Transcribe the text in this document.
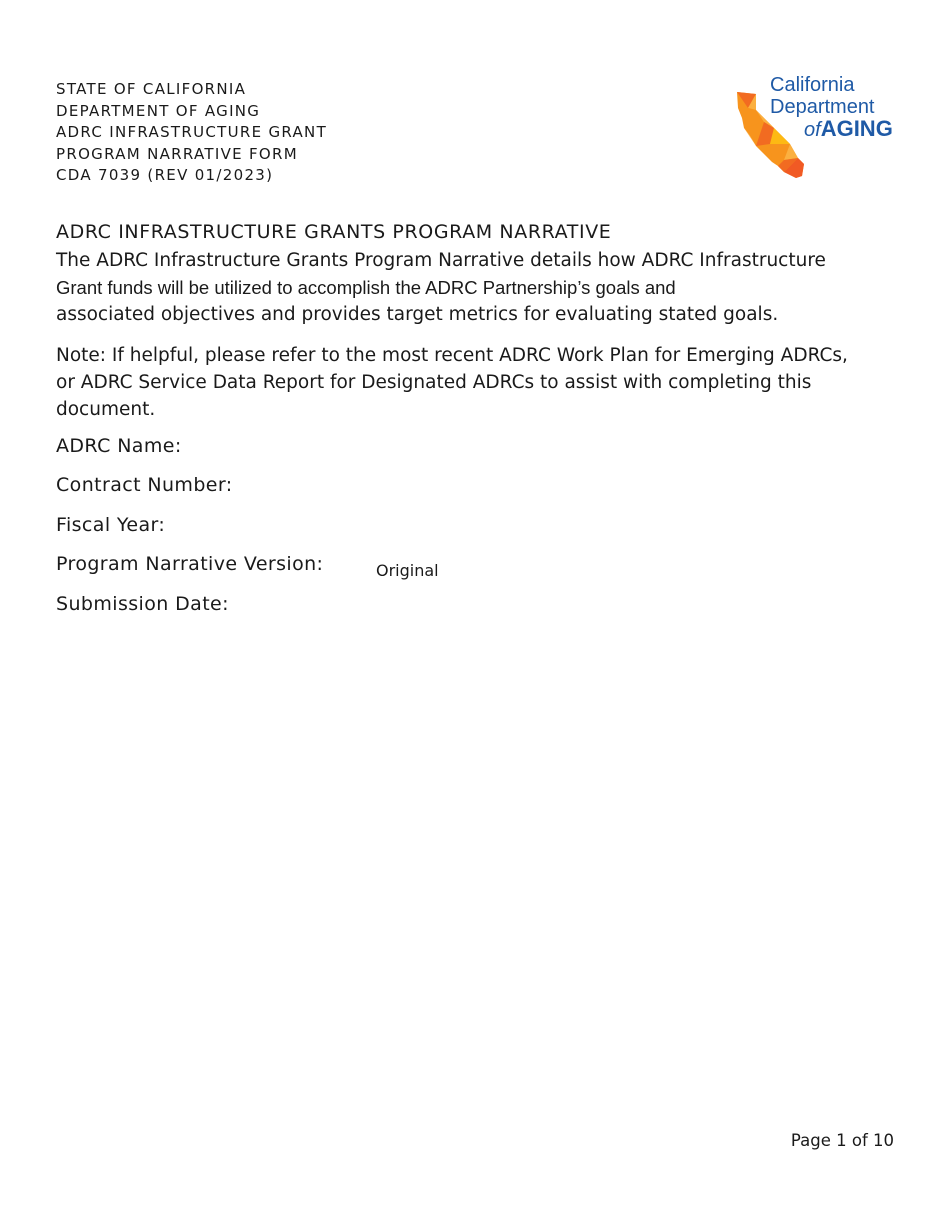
STATE OF CALIFORNIA
DEPARTMENT OF AGING
ADRC INFRASTRUCTURE GRANT
PROGRAM NARRATIVE FORM
CDA 7039 (REV 01/2023)
California
Department
ofAGING
ADRC INFRASTRUCTURE GRANTS PROGRAM NARRATIVE
The ADRC Infrastructure Grants Program Narrative details how ADRC Infrastructure
Grant funds will be utilized to accomplish the ADRC Partnership’s goals and
associated objectives and provides target metrics for evaluating stated goals.
Note: If helpful, please refer to the most recent ADRC Work Plan for Emerging ADRCs,
or ADRC Service Data Report for Designated ADRCs to assist with completing this
document.
ADRC Name:
Contract Number:
Fiscal Year:
Program Narrative Version:	Original
Submission Date:
Page 1 of 10
